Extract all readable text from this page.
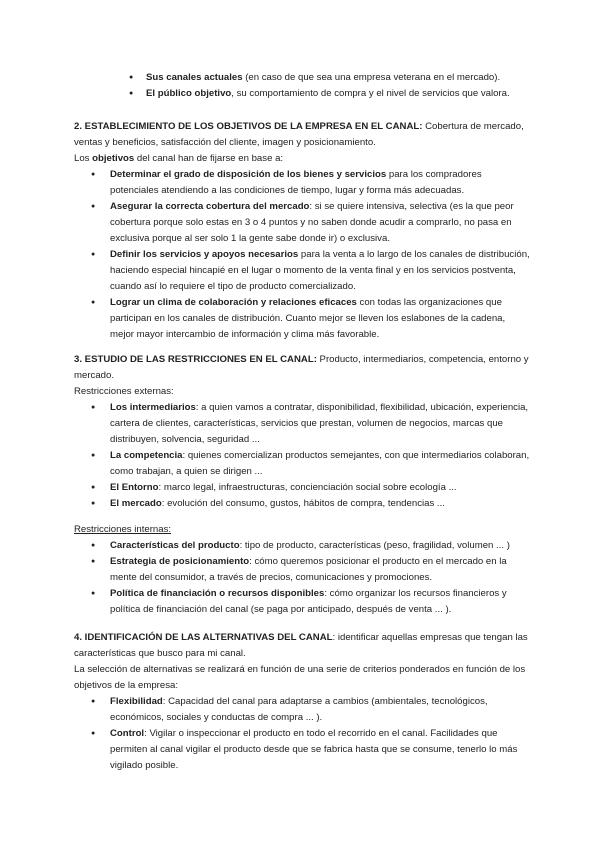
● Sus canales actuales (en caso de que sea una empresa veterana en el mercado).
● El público objetivo, su comportamiento de compra y el nivel de servicios que valora.

2. ESTABLECIMIENTO DE LOS OBJETIVOS DE LA EMPRESA EN EL CANAL: Cobertura de mercado, ventas y beneficios, satisfacción del cliente, imagen y posicionamiento.

Los objetivos del canal han de fijarse en base a:

● Determinar el grado de disposición de los bienes y servicios para los compradores potenciales atendiendo a las condiciones de tiempo, lugar y forma más adecuadas.
● Asegurar la correcta cobertura del mercado: si se quiere intensiva, selectiva (es la que peor cobertura porque solo estas en 3 o 4 puntos y no saben donde acudir a comprarlo, no pasa en exclusiva porque al ser solo 1 la gente sabe donde ir) o exclusiva.
● Definir los servicios y apoyos necesarios para la venta a lo largo de los canales de distribución, haciendo especial hincapié en el lugar o momento de la venta final y en los servicios postventa, cuando así lo requiere el tipo de producto comercializado.
● Lograr un clima de colaboración y relaciones eficaces con todas las organizaciones que participan en los canales de distribución. Cuanto mejor se lleven los eslabones de la cadena, mejor mayor intercambio de información y clima más favorable.

3. ESTUDIO DE LAS RESTRICCIONES EN EL CANAL: Producto, intermediarios, competencia, entorno y mercado.

Restricciones externas:

● Los intermediarios: a quien vamos a contratar, disponibilidad, flexibilidad, ubicación, experiencia, cartera de clientes, características, servicios que prestan, volumen de negocios, marcas que distribuyen, solvencia, seguridad ...
● La competencia: quienes comercializan productos semejantes, con que intermediarios colaboran, como trabajan, a quien se dirigen ...
● El Entorno: marco legal, infraestructuras, concienciación social sobre ecología ...
● El mercado: evolución del consumo, gustos, hábitos de compra, tendencias ...

Restricciones internas:

● Características del producto: tipo de producto, características (peso, fragilidad, volumen ... )
● Estrategia de posicionamiento: cómo queremos posicionar el producto en el mercado en la mente del consumidor, a través de precios, comunicaciones y promociones.
● Política de financiación o recursos disponibles: cómo organizar los recursos financieros y política de financiación del canal (se paga por anticipado, después de venta ... ).

4. IDENTIFICACIÓN DE LAS ALTERNATIVAS DEL CANAL: identificar aquellas empresas que tengan las características que busco para mi canal.

La selección de alternativas se realizará en función de una serie de criterios ponderados en función de los objetivos de la empresa:

● Flexibilidad: Capacidad del canal para adaptarse a cambios (ambientales, tecnológicos, económicos, sociales y conductas de compra ... ).
● Control: Vigilar o inspeccionar el producto en todo el recorrido en el canal. Facilidades que permiten al canal vigilar el producto desde que se fabrica hasta que se consume, tenerlo lo más vigilado posible.
